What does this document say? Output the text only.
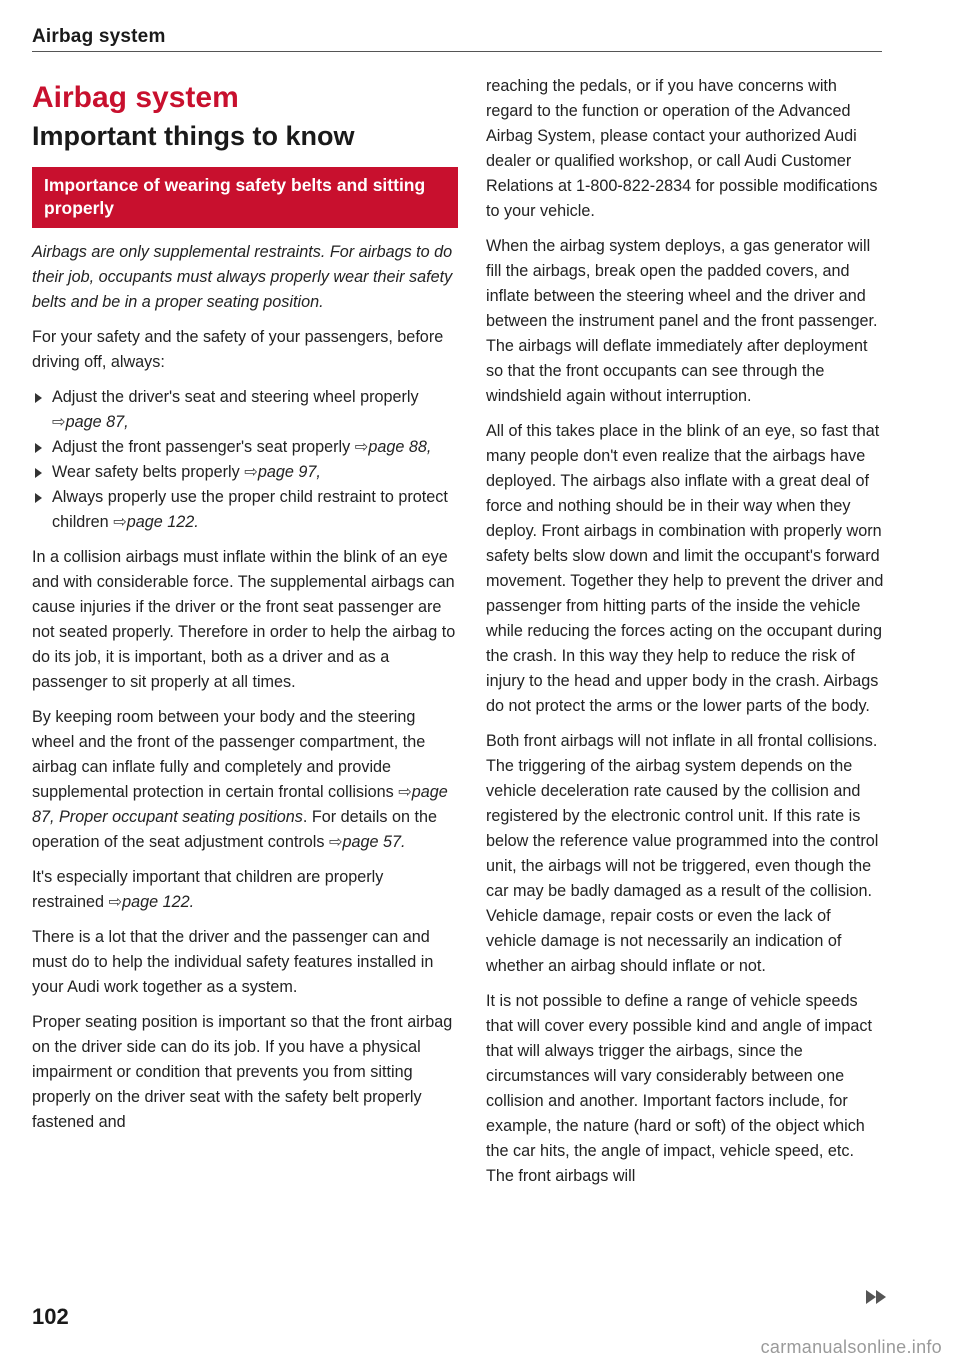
Airbag system
Airbag system
Important things to know
Importance of wearing safety belts and sitting properly

Airbags are only supplemental restraints. For airbags to do their job, occupants must always properly wear their safety belts and be in a proper seating position.

For your safety and the safety of your passengers, before driving off, always:

Adjust the driver's seat and steering wheel properly ⇨page 87,
Adjust the front passenger's seat properly ⇨page 88,
Wear safety belts properly ⇨page 97,
Always properly use the proper child restraint to protect children ⇨page 122.

In a collision airbags must inflate within the blink of an eye and with considerable force. The supplemental airbags can cause injuries if the driver or the front seat passenger are not seated properly. Therefore in order to help the airbag to do its job, it is important, both as a driver and as a passenger to sit properly at all times.

By keeping room between your body and the steering wheel and the front of the passenger compartment, the airbag can inflate fully and completely and provide supplemental protection in certain frontal collisions ⇨page 87, Proper occupant seating positions. For details on the operation of the seat adjustment controls ⇨page 57.

It's especially important that children are properly restrained ⇨page 122.

There is a lot that the driver and the passenger can and must do to help the individual safety features installed in your Audi work together as a system.

Proper seating position is important so that the front airbag on the driver side can do its job. If you have a physical impairment or condition that prevents you from sitting properly on the driver seat with the safety belt properly fastened and

reaching the pedals, or if you have concerns with regard to the function or operation of the Advanced Airbag System, please contact your authorized Audi dealer or qualified workshop, or call Audi Customer Relations at 1-800-822-2834 for possible modifications to your vehicle.

When the airbag system deploys, a gas generator will fill the airbags, break open the padded covers, and inflate between the steering wheel and the driver and between the instrument panel and the front passenger. The airbags will deflate immediately after deployment so that the front occupants can see through the windshield again without interruption.

All of this takes place in the blink of an eye, so fast that many people don't even realize that the airbags have deployed. The airbags also inflate with a great deal of force and nothing should be in their way when they deploy. Front airbags in combination with properly worn safety belts slow down and limit the occupant's forward movement. Together they help to prevent the driver and passenger from hitting parts of the inside the vehicle while reducing the forces acting on the occupant during the crash. In this way they help to reduce the risk of injury to the head and upper body in the crash. Airbags do not protect the arms or the lower parts of the body.

Both front airbags will not inflate in all frontal collisions. The triggering of the airbag system depends on the vehicle deceleration rate caused by the collision and registered by the electronic control unit. If this rate is below the reference value programmed into the control unit, the airbags will not be triggered, even though the car may be badly damaged as a result of the collision. Vehicle damage, repair costs or even the lack of vehicle damage is not necessarily an indication of whether an airbag should inflate or not.

It is not possible to define a range of vehicle speeds that will cover every possible kind and angle of impact that will always trigger the airbags, since the circumstances will vary considerably between one collision and another. Important factors include, for example, the nature (hard or soft) of the object which the car hits, the angle of impact, vehicle speed, etc. The front airbags will

102
carmanualsonline.info
